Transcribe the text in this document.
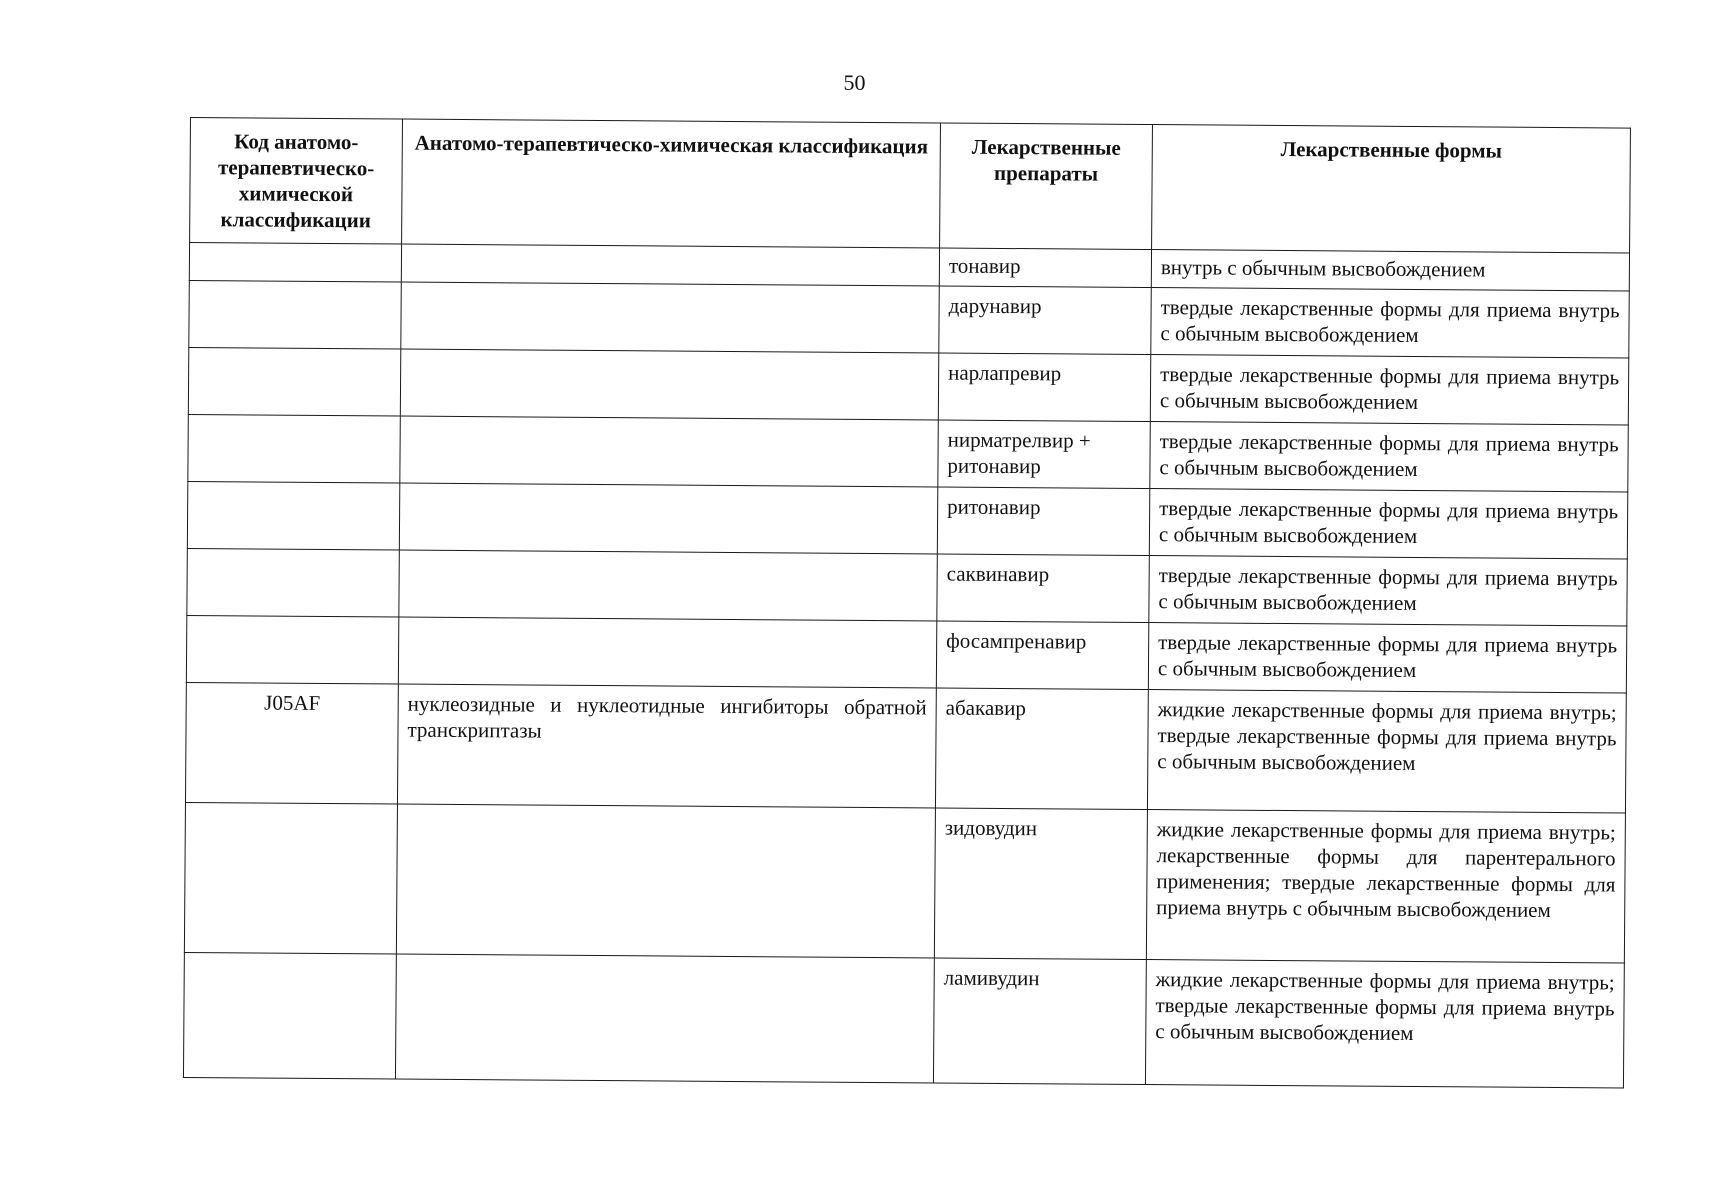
50
Код анатомо-терапевтическо-химической классификации	Анатомо-терапевтическо-химическая классификация	Лекарственные препараты	Лекарственные формы
		тонавир	внутрь с обычным высвобождением
		дарунавир	твердые лекарственные формы для приема внутрь с обычным высвобождением
		нарлапревир	твердые лекарственные формы для приема внутрь с обычным высвобождением
		нирматрелвир + ритонавир	твердые лекарственные формы для приема внутрь с обычным высвобождением
		ритонавир	твердые лекарственные формы для приема внутрь с обычным высвобождением
		саквинавир	твердые лекарственные формы для приема внутрь с обычным высвобождением
		фосампренавир	твердые лекарственные формы для приема внутрь с обычным высвобождением
J05AF	нуклеозидные и нуклеотидные ингибиторы обратной транскриптазы	абакавир	жидкие лекарственные формы для приема внутрь; твердые лекарственные формы для приема внутрь с обычным высвобождением
		зидовудин	жидкие лекарственные формы для приема внутрь; лекарственные формы для парентерального применения; твердые лекарственные формы для приема внутрь с обычным высвобождением
		ламивудин	жидкие лекарственные формы для приема внутрь; твердые лекарственные формы для приема внутрь с обычным высвобождением
